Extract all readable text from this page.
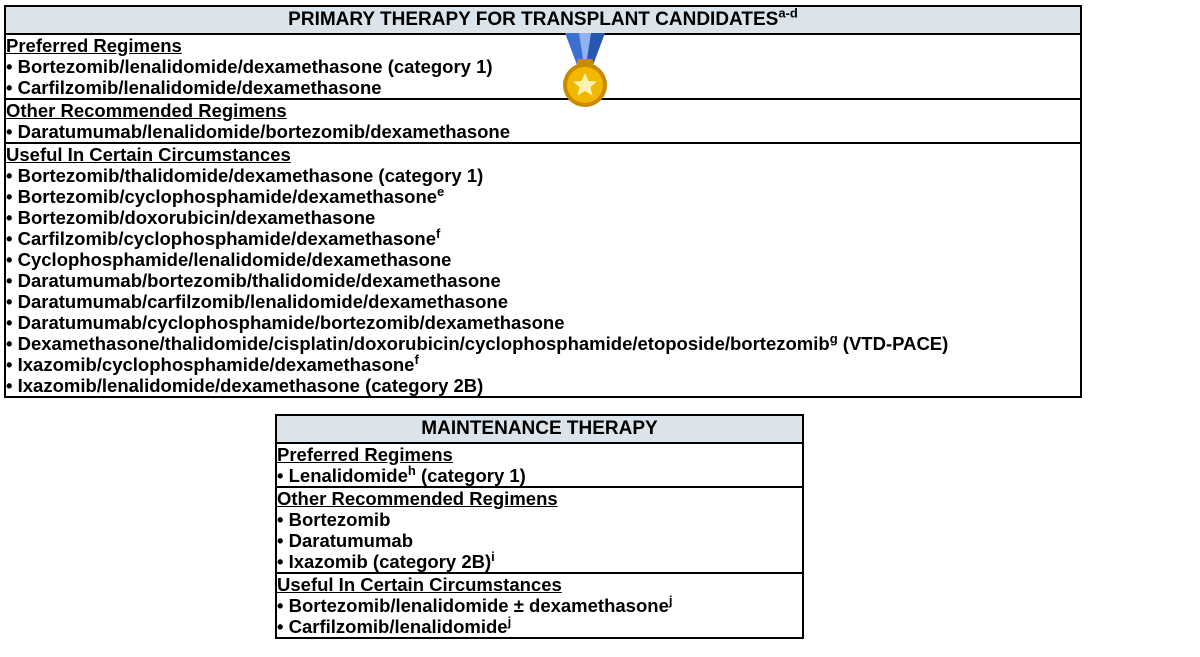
PRIMARY THERAPY FOR TRANSPLANT CANDIDATES$^{a-d}$

Preferred Regimens
• Bortezomib/lenalidomide/dexamethasone (category 1)
• Carfilzomib/lenalidomide/dexamethasone

Other Recommended Regimens
• Daratumumab/lenalidomide/bortezomib/dexamethasone

Useful In Certain Circumstances
• Bortezomib/thalidomide/dexamethasone (category 1)
• Bortezomib/cyclophosphamide/dexamethasone$^e$
• Bortezomib/doxorubicin/dexamethasone
• Carfilzomib/cyclophosphamide/dexamethasone$^f$
• Cyclophosphamide/lenalidomide/dexamethasone
• Daratumumab/bortezomib/thalidomide/dexamethasone
• Daratumumab/carfilzomib/lenalidomide/dexamethasone
• Daratumumab/cyclophosphamide/bortezomib/dexamethasone
• Dexamethasone/thalidomide/cisplatin/doxorubicin/cyclophosphamide/etoposide/bortezomib$^g$ (VTD-PACE)
• Ixazomib/cyclophosphamide/dexamethasone$^f$
• Ixazomib/lenalidomide/dexamethasone (category 2B)
MAINTENANCE THERAPY

Preferred Regimens
• Lenalidomide$^h$ (category 1)

Other Recommended Regimens
• Bortezomib
• Daratumumab
• Ixazomib (category 2B)$^i$

Useful In Certain Circumstances
• Bortezomib/lenalidomide ± dexamethasone$^j$
• Carfilzomib/lenalidomide$^j$
